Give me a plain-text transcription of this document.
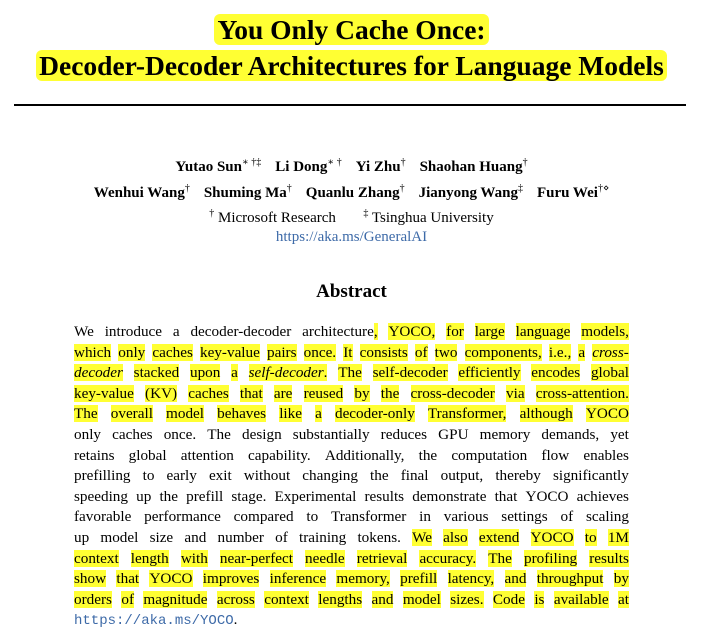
You Only Cache Once:
Decoder-Decoder Architectures for Language Models
Yutao Sun∗ †‡ Li Dong∗ † Yi Zhu† Shaohan Huang†
Wenhui Wang† Shuming Ma† Quanlu Zhang† Jianyong Wang‡ Furu Wei†⋄
† Microsoft Research	‡ Tsinghua University
https://aka.ms/GeneralAI
Abstract
We introduce a decoder-decoder architecture, YOCO, for large language models,
which only caches key-value pairs once. It consists of two components, i.e., a cross-
decoder stacked upon a self-decoder. The self-decoder efficiently encodes global
key-value (KV) caches that are reused by the cross-decoder via cross-attention.
The overall model behaves like a decoder-only Transformer, although YOCO
only caches once. The design substantially reduces GPU memory demands, yet
retains global attention capability. Additionally, the computation flow enables
prefilling to early exit without changing the final output, thereby significantly
speeding up the prefill stage. Experimental results demonstrate that YOCO achieves
favorable performance compared to Transformer in various settings of scaling
up model size and number of training tokens. We also extend YOCO to 1M
context length with near-perfect needle retrieval accuracy. The profiling results
show that YOCO improves inference memory, prefill latency, and throughput by
orders of magnitude across context lengths and model sizes. Code is available at
https://aka.ms/YOCO.
